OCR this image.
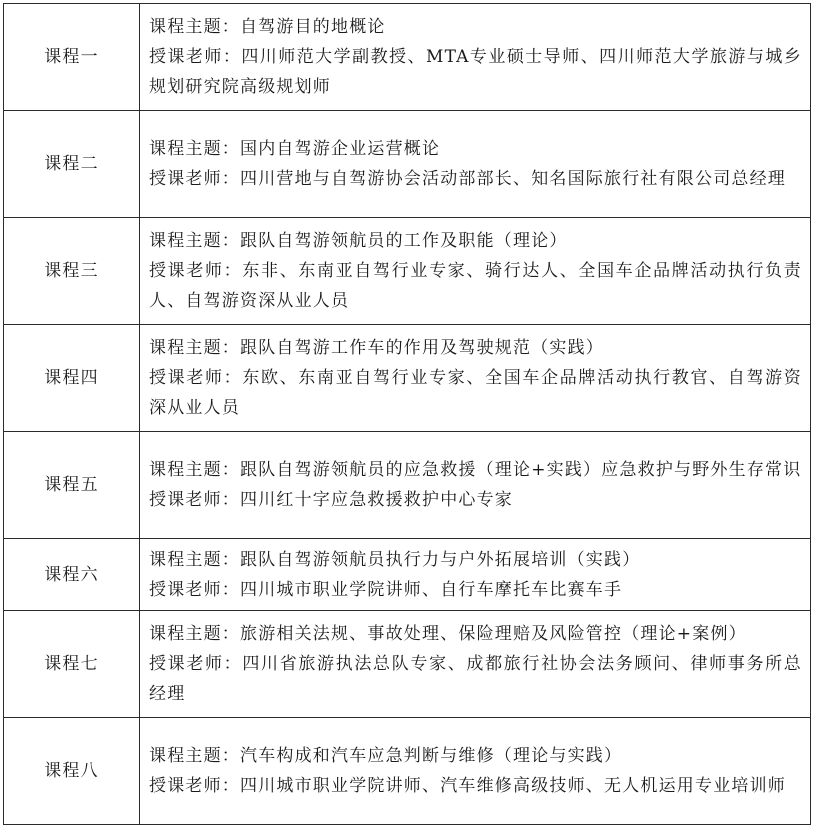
课程一	课程主题：自驾游目的地概论
授课老师：四川师范大学副教授、MTA专业硕士导师、四川师范大学旅游与城乡规划研究院高级规划师

课程二	课程主题：国内自驾游企业运营概论
授课老师：四川营地与自驾游协会活动部部长、知名国际旅行社有限公司总经理

课程三	课程主题：跟队自驾游领航员的工作及职能（理论）
授课老师：东非、东南亚自驾行业专家、骑行达人、全国车企品牌活动执行负责人、自驾游资深从业人员

课程四	课程主题：跟队自驾游工作车的作用及驾驶规范（实践）
授课老师：东欧、东南亚自驾行业专家、全国车企品牌活动执行教官、自驾游资深从业人员

课程五	课程主题：跟队自驾游领航员的应急救援（理论+实践）应急救护与野外生存常识
授课老师：四川红十字应急救援救护中心专家

课程六	课程主题：跟队自驾游领航员执行力与户外拓展培训（实践）
授课老师：四川城市职业学院讲师、自行车摩托车比赛车手

课程七	课程主题：旅游相关法规、事故处理、保险理赔及风险管控（理论+案例）
授课老师：四川省旅游执法总队专家、成都旅行社协会法务顾问、律师事务所总经理

课程八	课程主题：汽车构成和汽车应急判断与维修（理论与实践）
授课老师：四川城市职业学院讲师、汽车维修高级技师、无人机运用专业培训师
